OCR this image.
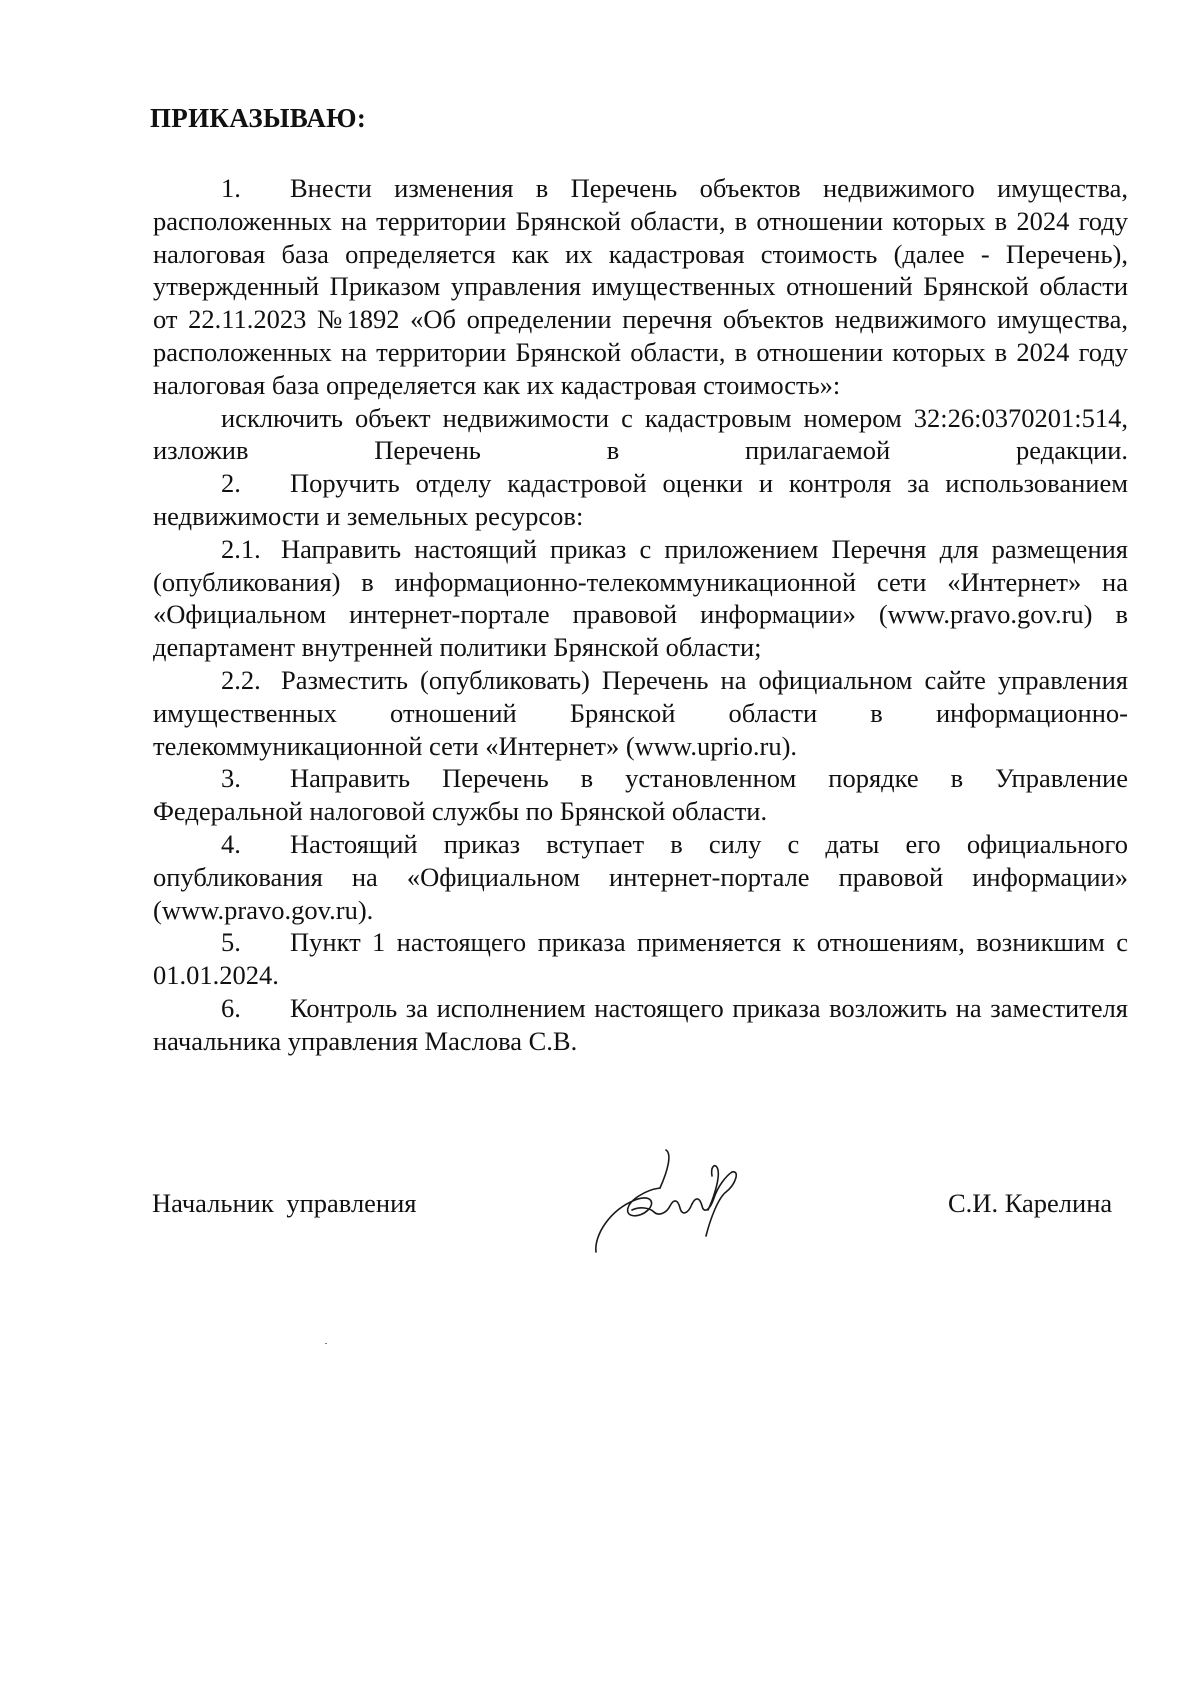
ПРИКАЗЫВАЮ:

1. Внести изменения в Перечень объектов недвижимого имущества, расположенных на территории Брянской области, в отношении которых в 2024 году налоговая база определяется как их кадастровая стоимость (далее - Перечень), утвержденный Приказом управления имущественных отношений Брянской области от 22.11.2023 №1892 «Об определении перечня объектов недвижимого имущества, расположенных на территории Брянской области, в отношении которых в 2024 году налоговая база определяется как их кадастровая стоимость»:

исключить объект недвижимости с кадастровым номером 32:26:0370201:514, изложив Перечень в прилагаемой редакции.

2. Поручить отделу кадастровой оценки и контроля за использованием недвижимости и земельных ресурсов:

2.1. Направить настоящий приказ с приложением Перечня для размещения (опубликования) в информационно-телекоммуникационной сети «Интернет» на «Официальном интернет-портале правовой информации» (www.pravo.gov.ru) в департамент внутренней политики Брянской области;

2.2. Разместить (опубликовать) Перечень на официальном сайте управления имущественных отношений Брянской области в информационно-телекоммуникационной сети «Интернет» (www.uprio.ru).

3. Направить Перечень в установленном порядке в Управление Федеральной налоговой службы по Брянской области.

4. Настоящий приказ вступает в силу с даты его официального опубликования на «Официальном интернет-портале правовой информации» (www.pravo.gov.ru).

5. Пункт 1 настоящего приказа применяется к отношениям, возникшим с 01.01.2024.

6. Контроль за исполнением настоящего приказа возложить на заместителя начальника управления Маслова С.В.

Начальник управления	С.И. Карелина
